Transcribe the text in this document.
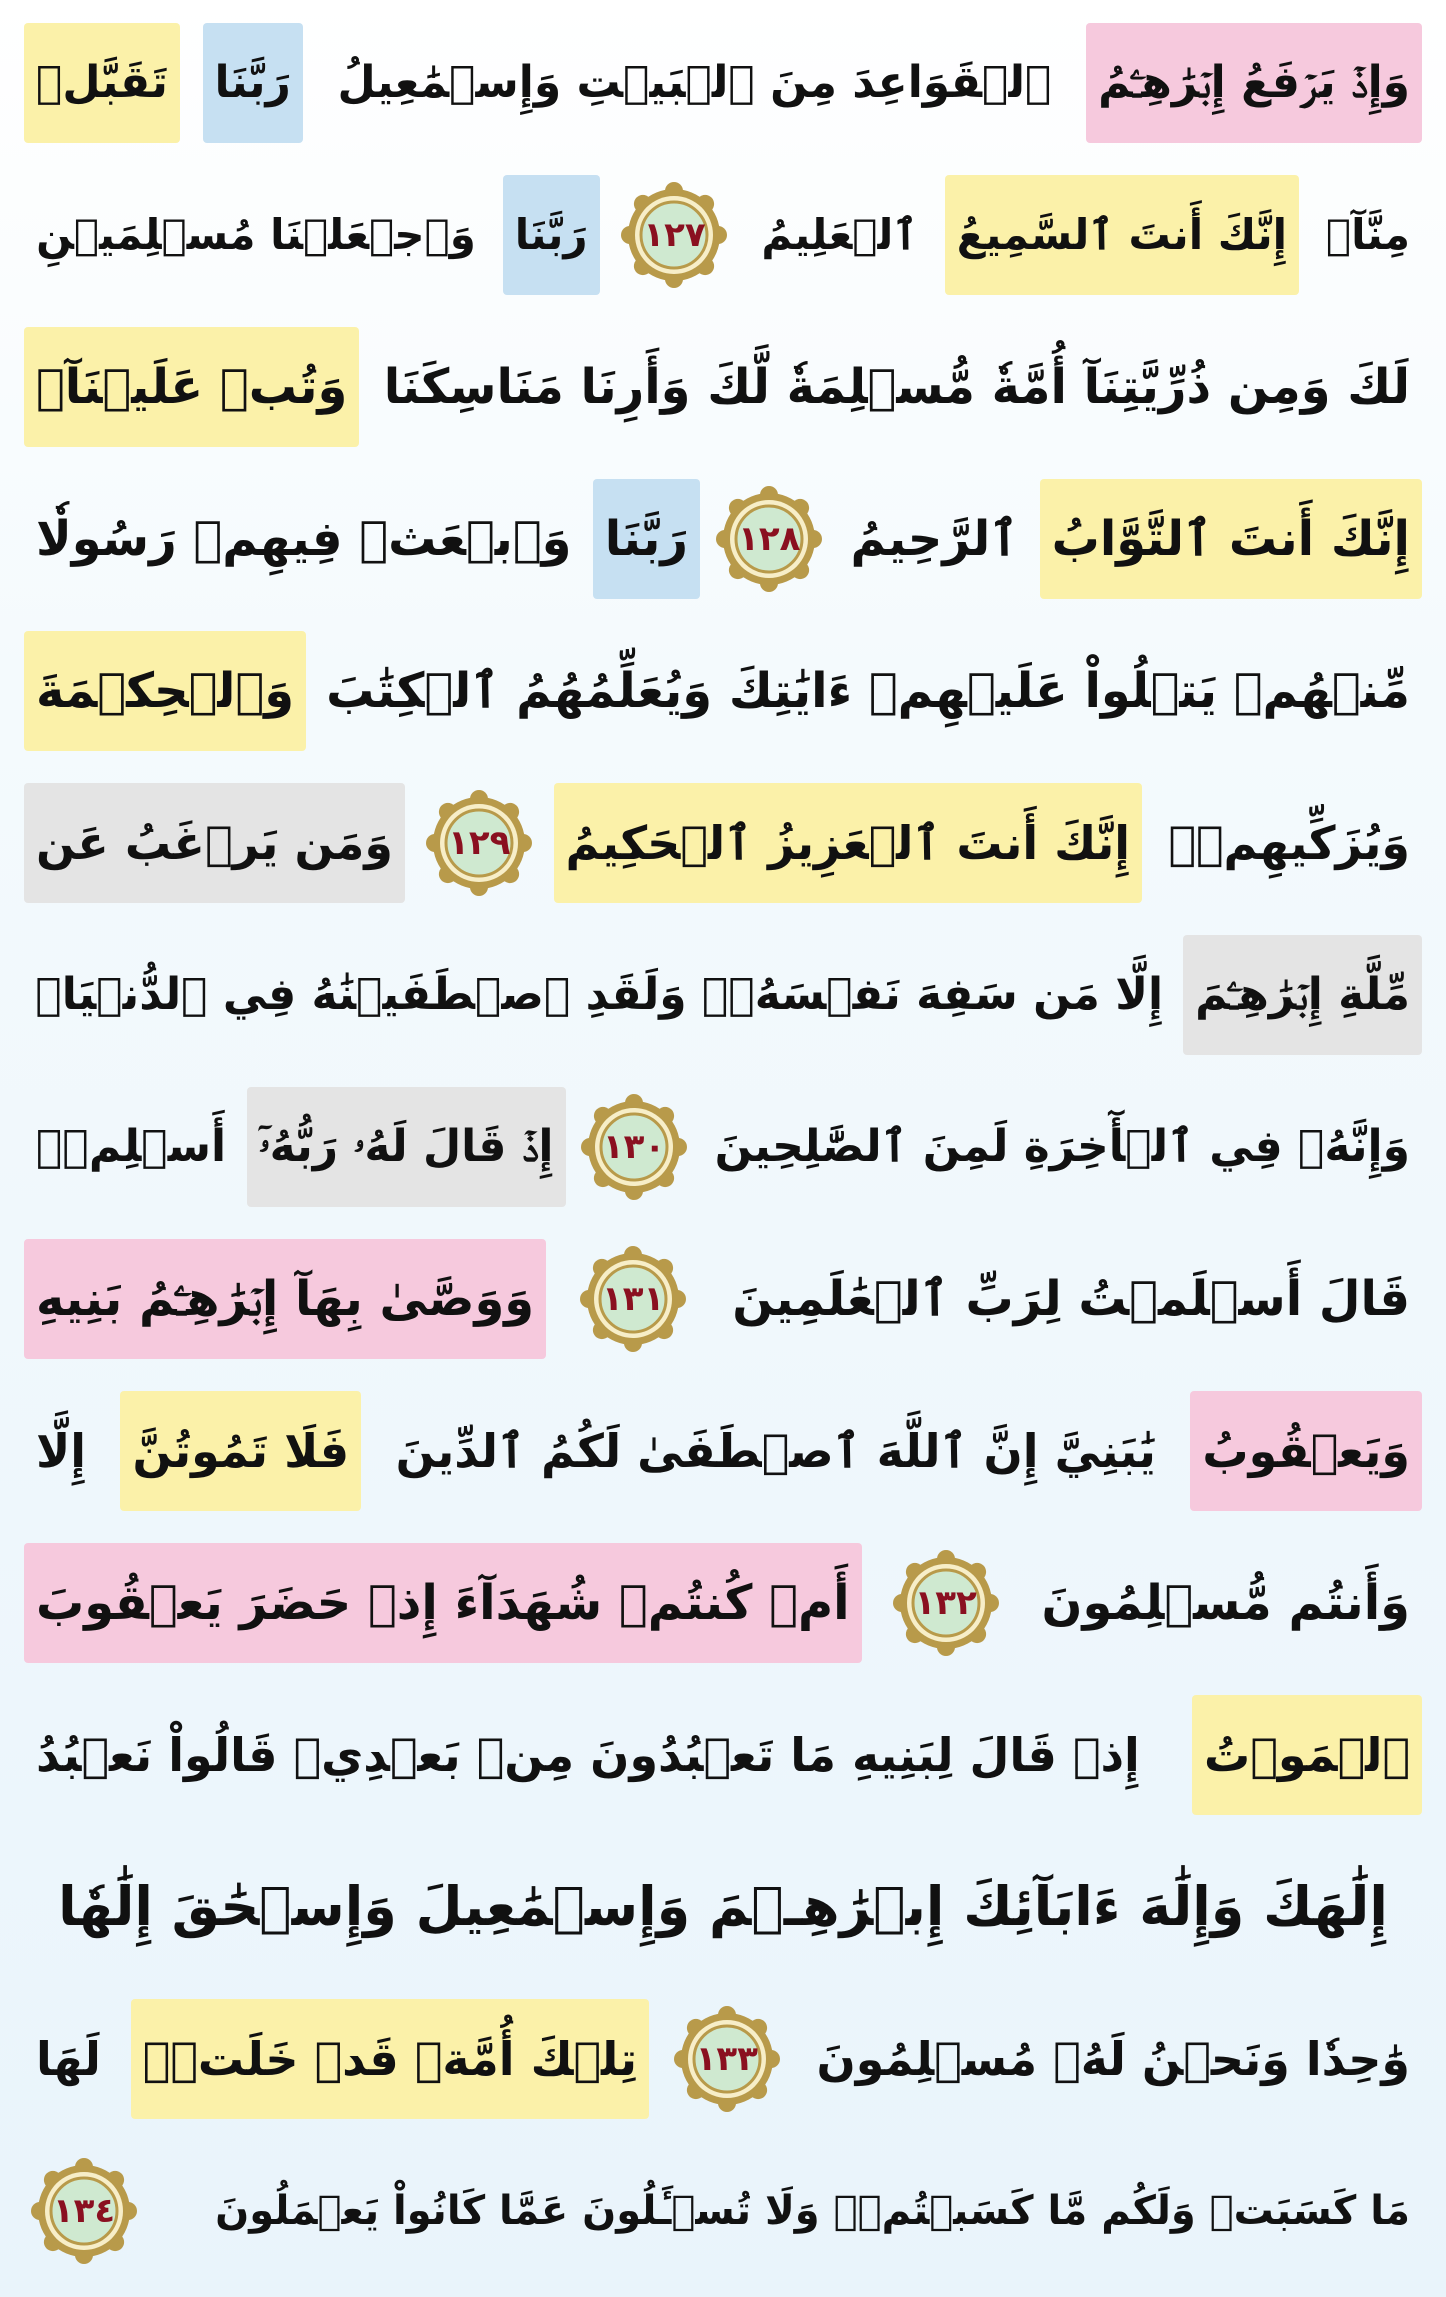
وَإِذۡ يَرۡفَعُ إِبۡرَٰهِـۧمُ
ٱلۡقَوَاعِدَ مِنَ ٱلۡبَيۡتِ وَإِسۡمَٰعِيلُ
رَبَّنَا
تَقَبَّلۡ
مِنَّآۖ
إِنَّكَ أَنتَ ٱلسَّمِيعُ
ٱلۡعَلِيمُ
١٢٧
رَبَّنَا
وَٱجۡعَلۡنَا مُسۡلِمَيۡنِ
لَكَ وَمِن ذُرِّيَّتِنَآ أُمَّةٗ مُّسۡلِمَةٗ لَّكَ وَأَرِنَا مَنَاسِكَنَا
وَتُبۡ عَلَيۡنَآۖ
إِنَّكَ أَنتَ ٱلتَّوَّابُ
ٱلرَّحِيمُ
١٢٨
رَبَّنَا
وَٱبۡعَثۡ فِيهِمۡ رَسُولٗا
مِّنۡهُمۡ يَتۡلُواْ عَلَيۡهِمۡ ءَايَٰتِكَ وَيُعَلِّمُهُمُ ٱلۡكِتَٰبَ
وَٱلۡحِكۡمَةَ
وَيُزَكِّيهِمۡۚ
إِنَّكَ أَنتَ ٱلۡعَزِيزُ ٱلۡحَكِيمُ
١٢٩
وَمَن يَرۡغَبُ عَن
مِّلَّةِ إِبۡرَٰهِـۧمَ
إِلَّا مَن سَفِهَ نَفۡسَهُۥۚ وَلَقَدِ ٱصۡطَفَيۡنَٰهُ فِي ٱلدُّنۡيَاۖ
وَإِنَّهُۥ فِي ٱلۡأٓخِرَةِ لَمِنَ ٱلصَّٰلِحِينَ
١٣٠
إِذۡ قَالَ لَهُۥ رَبُّهُۥٓ
أَسۡلِمۡۖ
قَالَ أَسۡلَمۡتُ لِرَبِّ ٱلۡعَٰلَمِينَ
١٣١
وَوَصَّىٰ بِهَآ إِبۡرَٰهِـۧمُ بَنِيهِ
وَيَعۡقُوبُ
يَٰبَنِيَّ إِنَّ ٱللَّهَ ٱصۡطَفَىٰ لَكُمُ ٱلدِّينَ
فَلَا تَمُوتُنَّ
إِلَّا
وَأَنتُم مُّسۡلِمُونَ
١٣٢
أَمۡ كُنتُمۡ شُهَدَآءَ إِذۡ حَضَرَ يَعۡقُوبَ
ٱلۡمَوۡتُ
إِذۡ قَالَ لِبَنِيهِ مَا تَعۡبُدُونَ مِنۢ بَعۡدِيۖ قَالُواْ نَعۡبُدُ
إِلَٰهَكَ وَإِلَٰهَ ءَابَآئِكَ إِبۡرَٰهِـۧمَ وَإِسۡمَٰعِيلَ وَإِسۡحَٰقَ إِلَٰهٗا
وَٰحِدٗا وَنَحۡنُ لَهُۥ مُسۡلِمُونَ
١٣٣
تِلۡكَ أُمَّةٞ قَدۡ خَلَتۡۖ
لَهَا
مَا كَسَبَتۡ وَلَكُم مَّا كَسَبۡتُمۡۖ وَلَا تُسۡـَٔلُونَ عَمَّا كَانُواْ يَعۡمَلُونَ
١٣٤
